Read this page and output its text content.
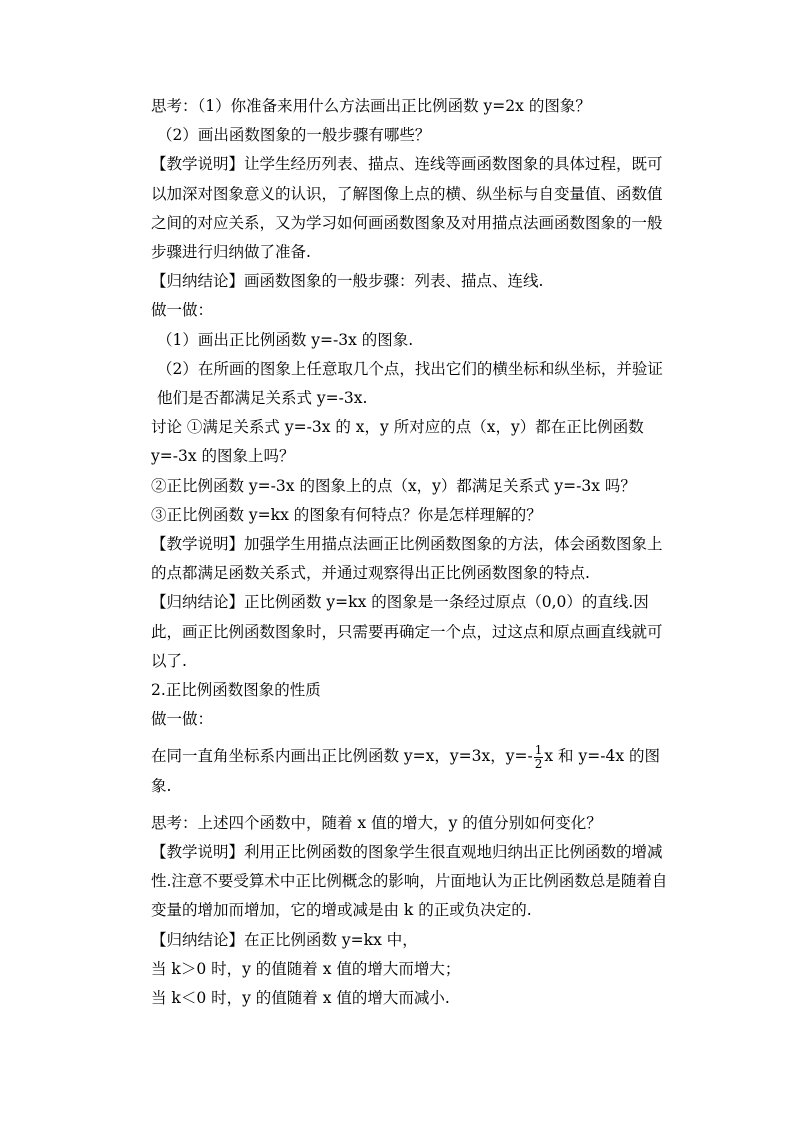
思考：（1）你准备来用什么方法画出正比例函数 y=2x 的图象？

（2）画出函数图象的一般步骤有哪些？

【教学说明】让学生经历列表、描点、连线等画函数图象的具体过程，既可以加深对图象意义的认识，了解图像上点的横、纵坐标与自变量值、函数值之间的对应关系，又为学习如何画函数图象及对用描点法画函数图象的一般步骤进行归纳做了准备.

【归纳结论】画函数图象的一般步骤：列表、描点、连线.

做一做：

（1）画出正比例函数 y=-3x 的图象.

（2）在所画的图象上任意取几个点，找出它们的横坐标和纵坐标，并验证他们是否都满足关系式 y=-3x.

讨论 ①满足关系式 y=-3x 的 x，y 所对应的点（x，y）都在正比例函数 y=-3x 的图象上吗？

②正比例函数 y=-3x 的图象上的点（x，y）都满足关系式 y=-3x 吗？

③正比例函数 y=kx 的图象有何特点？你是怎样理解的？

【教学说明】加强学生用描点法画正比例函数图象的方法，体会函数图象上的点都满足函数关系式，并通过观察得出正比例函数图象的特点.

【归纳结论】正比例函数 y=kx 的图象是一条经过原点（0,0）的直线.因此，画正比例函数图象时，只需要再确定一个点，过这点和原点画直线就可以了.

2.正比例函数图象的性质

做一做：

在同一直角坐标系内画出正比例函数 y=x，y=3x，$y=- \frac{1}{2}$ x 和 y=-4x 的图象.

思考：上述四个函数中，随着 x 值的增大，y 的值分别如何变化？

【教学说明】利用正比例函数的图象学生很直观地归纳出正比例函数的增减性.注意不要受算术中正比例概念的影响，片面地认为正比例函数总是随着自变量的增加而增加，它的增或减是由 k 的正或负决定的.

【归纳结论】在正比例函数 y=kx 中，

当 k＞0 时，y 的值随着 x 值的增大而增大；

当 k＜0 时，y 的值随着 x 值的增大而减小.
